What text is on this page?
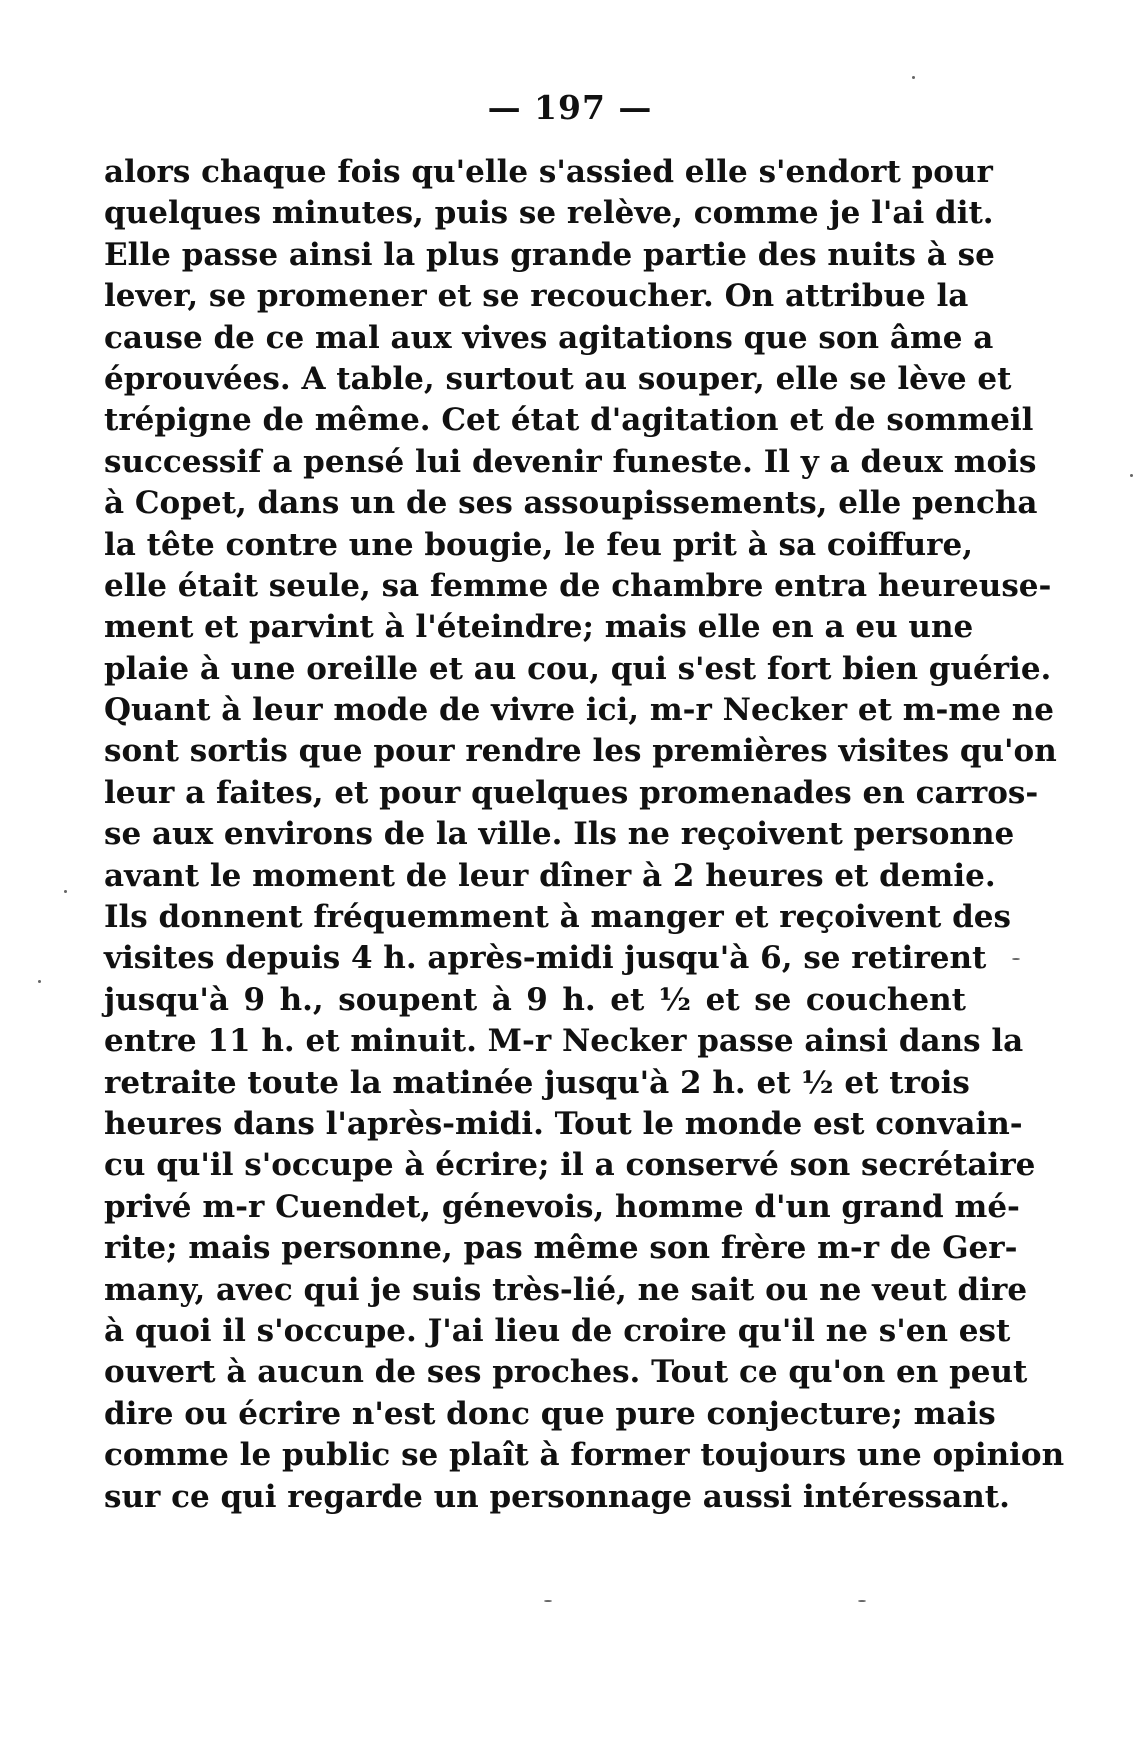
— 197 —
alors chaque fois qu'elle s'assied elle s'endort pour
quelques minutes, puis se relève, comme je l'ai dit.
Elle passe ainsi la plus grande partie des nuits à se
lever, se promener et se recoucher. On attribue la
cause de ce mal aux vives agitations que son âme a
éprouvées. A table, surtout au souper, elle se lève et
trépigne de même. Cet état d'agitation et de sommeil
successif a pensé lui devenir funeste. Il y a deux mois
à Copet, dans un de ses assoupissements, elle pencha
la tête contre une bougie, le feu prit à sa coiffure,
elle était seule, sa femme de chambre entra heureuse-
ment et parvint à l'éteindre; mais elle en a eu une
plaie à une oreille et au cou, qui s'est fort bien guérie.
Quant à leur mode de vivre ici, m-r Necker et m-me ne
sont sortis que pour rendre les premières visites qu'on
leur a faites, et pour quelques promenades en carros-
se aux environs de la ville. Ils ne reçoivent personne
avant le moment de leur dîner à 2 heures et demie.
Ils donnent fréquemment à manger et reçoivent des
visites depuis 4 h. après-midi jusqu'à 6, se retirent
jusqu'à 9 h., soupent à 9 h. et ½ et se couchent
entre 11 h. et minuit. M-r Necker passe ainsi dans la
retraite toute la matinée jusqu'à 2 h. et ½ et trois
heures dans l'après-midi. Tout le monde est convain-
cu qu'il s'occupe à écrire; il a conservé son secrétaire
privé m-r Cuendet, génevois, homme d'un grand mé-
rite; mais personne, pas même son frère m-r de Ger-
many, avec qui je suis très-lié, ne sait ou ne veut dire
à quoi il s'occupe. J'ai lieu de croire qu'il ne s'en est
ouvert à aucun de ses proches. Tout ce qu'on en peut
dire ou écrire n'est donc que pure conjecture; mais
comme le public se plaît à former toujours une opinion
sur ce qui regarde un personnage aussi intéressant.
